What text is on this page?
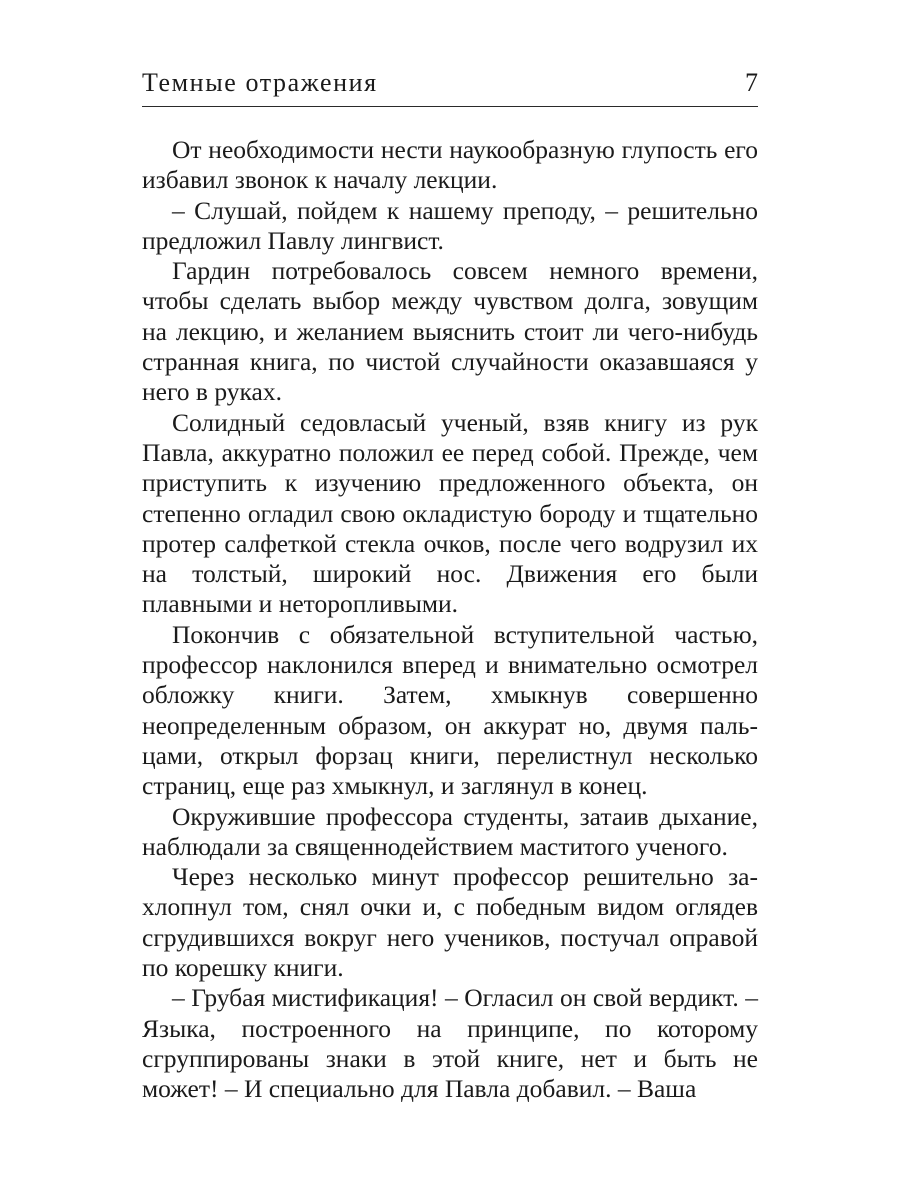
Темные отражения	7

От необходимости нести наукообразную глупость его избавил звонок к началу лекции.

– Слушай, пойдем к нашему преподу, – решительно предложил Павлу лингвист.

Гардин потребовалось совсем немного времени, чтобы сделать выбор между чувством долга, зовущим на лекцию, и желанием выяснить стоит ли чего-нибудь странная книга, по чистой случайности оказавшаяся у него в руках.

Солидный седовласый ученый, взяв книгу из рук Павла, аккуратно положил ее перед собой. Прежде, чем приступить к изучению предложенного объекта, он степенно огладил свою окладистую бороду и тщательно протер салфеткой стекла очков, после чего водрузил их на толстый, широкий нос. Движения его были плавными и неторопливыми.

Покончив с обязательной вступительной частью, профессор наклонился вперед и внимательно осмотрел обложку книги. Затем, хмыкнув совершенно неопределенным образом, он аккурат но, двумя пальцами, открыл форзац книги, перелистнул несколько страниц, еще раз хмыкнул, и заглянул в конец.

Окружившие профессора студенты, затаив дыхание, наблюдали за священнодействием маститого ученого.

Через несколько минут профессор решительно захлопнул том, снял очки и, с победным видом оглядев сгрудившихся вокруг него учеников, постучал оправой по корешку книги.

– Грубая мистификация! – Огласил он свой вердикт. – Языка, построенного на принципе, по которому сгруппированы знаки в этой книге, нет и быть не может! – И специально для Павла добавил. – Ваша
